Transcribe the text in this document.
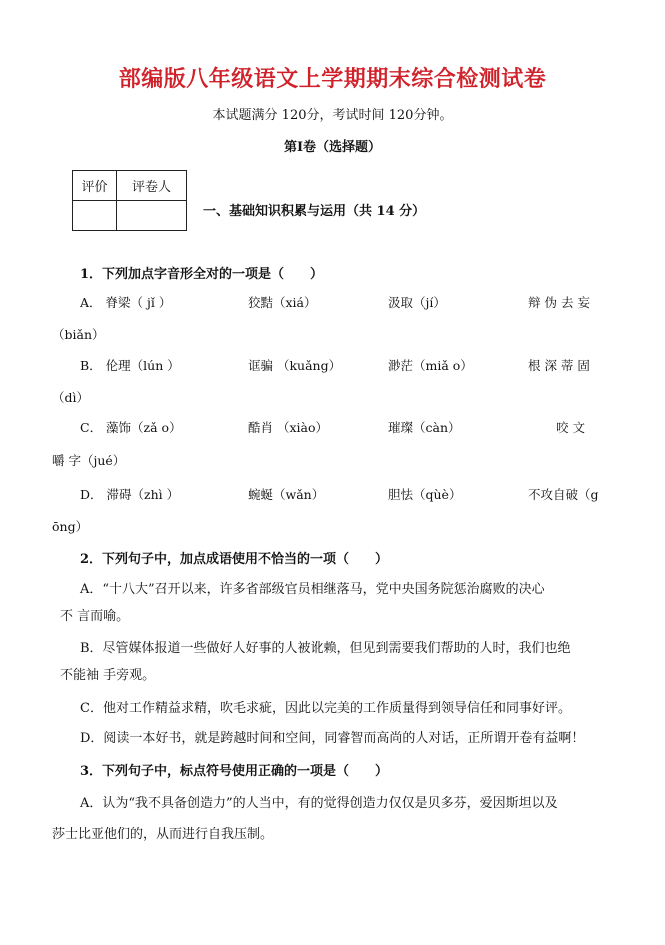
部编版八年级语文上学期期末综合检测试卷
本试题满分 120分，考试时间 120分钟。
第Ⅰ卷（选择题）
评价	评卷人

一、基础知识积累与运用（共 14 分）
1．下列加点字音形全对的一项是（　　）
A． 脊梁（ jǐ ）	狡黠（xiá）	汲取（jí）	辩 伪 去 妄
（biǎn）
B． 伦理（lún ）	诓骗 （kuǎng）	渺茫（miǎ o）	根 深 蒂 固
（dì）
C． 藻饰（zǎ o）	酷肖 （xiào）	璀璨（càn）	咬 文
嚼 字（jué）
D． 滞碍（zhì ）	蜿蜒（wǎn）	胆怯（qùè）	不攻自破（g
ōng）
2．下列句子中，加点成语使用不恰当的一项（　　）
A．“十八大”召开以来，许多省部级官员相继落马，党中央国务院惩治腐败的决心
不 言而喻。
B．尽管媒体报道一些做好人好事的人被讹赖，但见到需要我们帮助的人时，我们也绝
不能袖 手旁观。
C．他对工作精益求精，吹毛求疵，因此以完美的工作质量得到领导信任和同事好评。
D．阅读一本好书，就是跨越时间和空间，同睿智而高尚的人对话，正所谓开卷有益啊！
3．下列句子中，标点符号使用正确的一项是（　　）
A．认为“我不具备创造力”的人当中，有的觉得创造力仅仅是贝多芬，爱因斯坦以及
莎士比亚他们的，从而进行自我压制。
